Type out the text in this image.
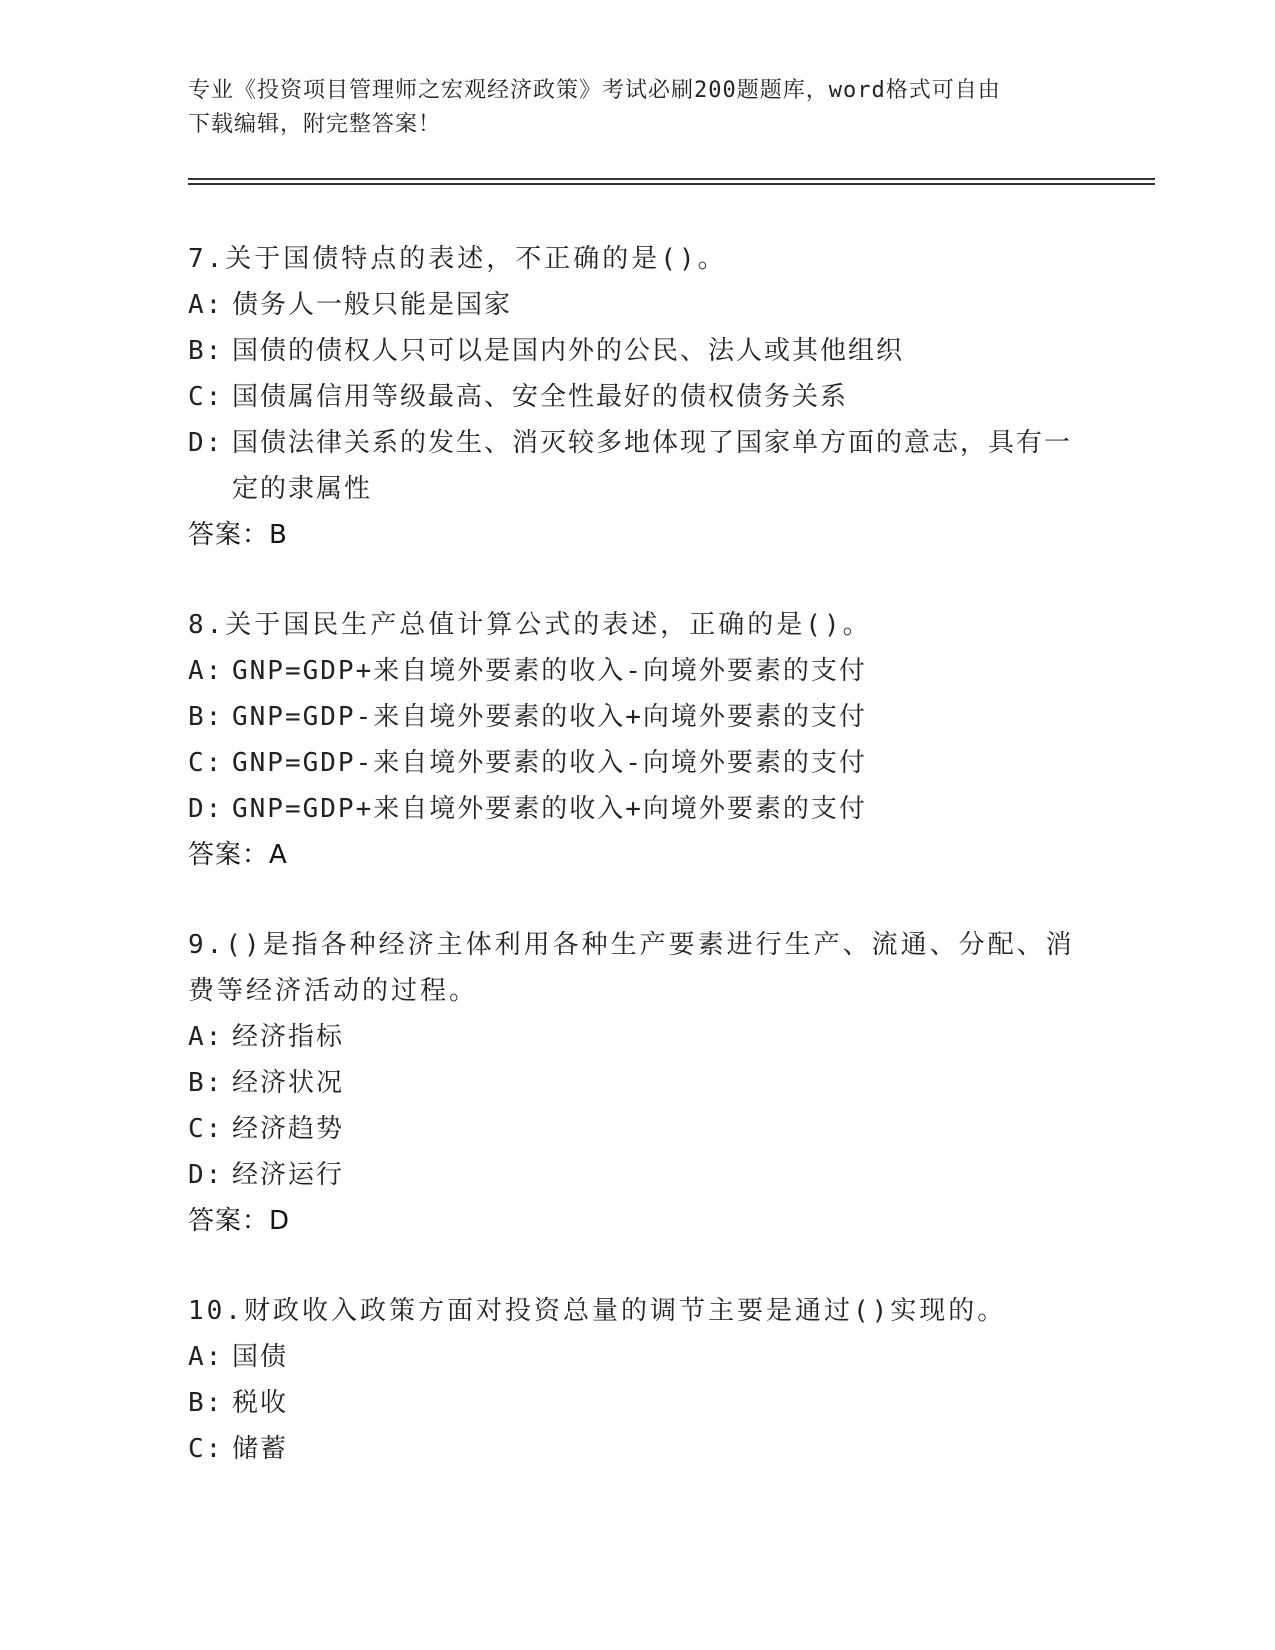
专业《投资项目管理师之宏观经济政策》考试必刷200题题库，word格式可自由
下载编辑，附完整答案！
7.关于国债特点的表述，不正确的是()。
A: 债务人一般只能是国家
B: 国债的债权人只可以是国内外的公民、法人或其他组织
C: 国债属信用等级最高、安全性最好的债权债务关系
D: 国债法律关系的发生、消灭较多地体现了国家单方面的意志，具有一定的隶属性
答案：B
8.关于国民生产总值计算公式的表述，正确的是()。
A: GNP=GDP+来自境外要素的收入-向境外要素的支付
B: GNP=GDP-来自境外要素的收入+向境外要素的支付
C: GNP=GDP-来自境外要素的收入-向境外要素的支付
D: GNP=GDP+来自境外要素的收入+向境外要素的支付
答案：A
9.()是指各种经济主体利用各种生产要素进行生产、流通、分配、消费等经济活动的过程。
A: 经济指标
B: 经济状况
C: 经济趋势
D: 经济运行
答案：D
10.财政收入政策方面对投资总量的调节主要是通过()实现的。
A: 国债
B: 税收
C: 储蓄
